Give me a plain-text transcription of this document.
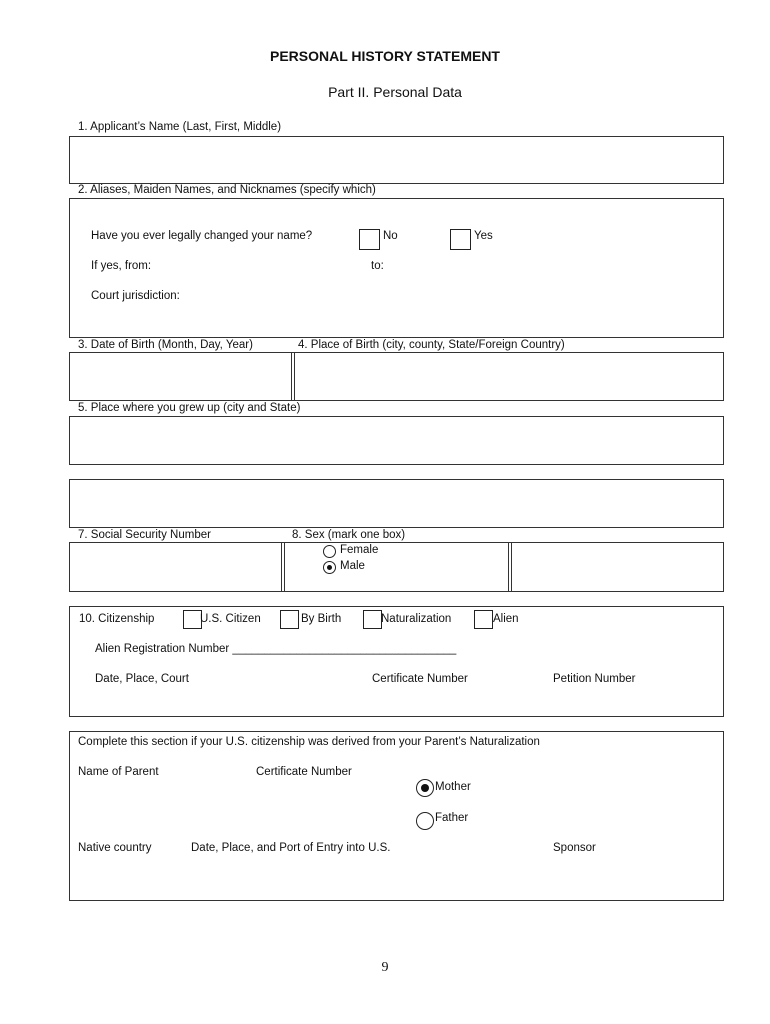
PERSONAL HISTORY STATEMENT
Part II. Personal Data
1. Applicant’s Name (Last, First, Middle)
2. Aliases, Maiden Names, and Nicknames (specify which)
Have you ever legally changed your name?	No	Yes
If yes, from:	to:
Court jurisdiction:
3. Date of Birth (Month, Day, Year)	4. Place of Birth (city, county, State/Foreign Country)
5. Place where you grew up (city and State)
7. Social Security Number	8. Sex (mark one box)
Female
Male
10. Citizenship	U.S. Citizen	By Birth	Naturalization	Alien
Alien Registration Number ___________________________________
Date, Place, Court	Certificate Number	Petition Number
Complete this section if your U.S. citizenship was derived from your Parent’s Naturalization
Name of Parent	Certificate Number
Mother
Father
Native country	Date, Place, and Port of Entry into U.S.	Sponsor
9
